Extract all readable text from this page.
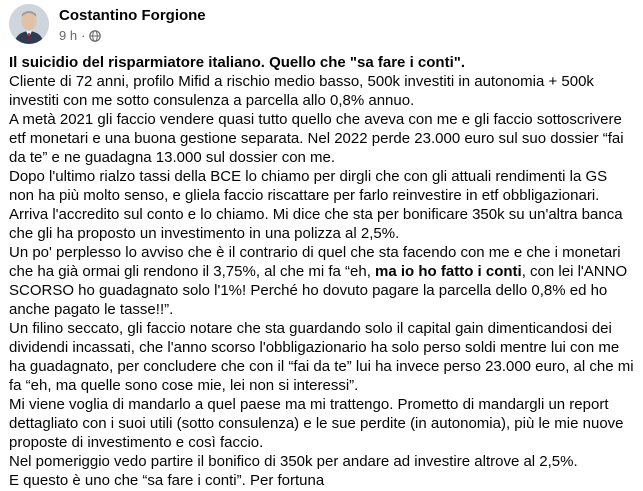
Costantino Forgione
9 h ·

Il suicidio del risparmiatore italiano. Quello che "sa fare i conti".

Cliente di 72 anni, profilo Mifid a rischio medio basso, 500k investiti in autonomia + 500k investiti con me sotto consulenza a parcella allo 0,8% annuo.

A metà 2021 gli faccio vendere quasi tutto quello che aveva con me e gli faccio sottoscrivere etf monetari e una buona gestione separata. Nel 2022 perde 23.000 euro sul suo dossier “fai da te” e ne guadagna 13.000 sul dossier con me.

Dopo l'ultimo rialzo tassi della BCE lo chiamo per dirgli che con gli attuali rendimenti la GS non ha più molto senso, e gliela faccio riscattare per farlo reinvestire in etf obbligazionari.

Arriva l'accredito sul conto e lo chiamo. Mi dice che sta per bonificare 350k su un'altra banca che gli ha proposto un investimento in una polizza al 2,5%.

Un po' perplesso lo avviso che è il contrario di quel che sta facendo con me e che i monetari che ha già ormai gli rendono il 3,75%, al che mi fa “eh, ma io ho fatto i conti, con lei l'ANNO SCORSO ho guadagnato solo l'1%! Perché ho dovuto pagare la parcella dello 0,8% ed ho anche pagato le tasse!!”.

Un filino seccato, gli faccio notare che sta guardando solo il capital gain dimenticandosi dei dividendi incassati, che l'anno scorso l'obbligazionario ha solo perso soldi mentre lui con me ha guadagnato, per concludere che con il “fai da te” lui ha invece perso 23.000 euro, al che mi fa “eh, ma quelle sono cose mie, lei non si interessi”.

Mi viene voglia di mandarlo a quel paese ma mi trattengo. Prometto di mandargli un report dettagliato con i suoi utili (sotto consulenza) e le sue perdite (in autonomia), più le mie nuove proposte di investimento e così faccio.

Nel pomeriggio vedo partire il bonifico di 350k per andare ad investire altrove al 2,5%.

E questo è uno che “sa fare i conti”. Per fortuna
